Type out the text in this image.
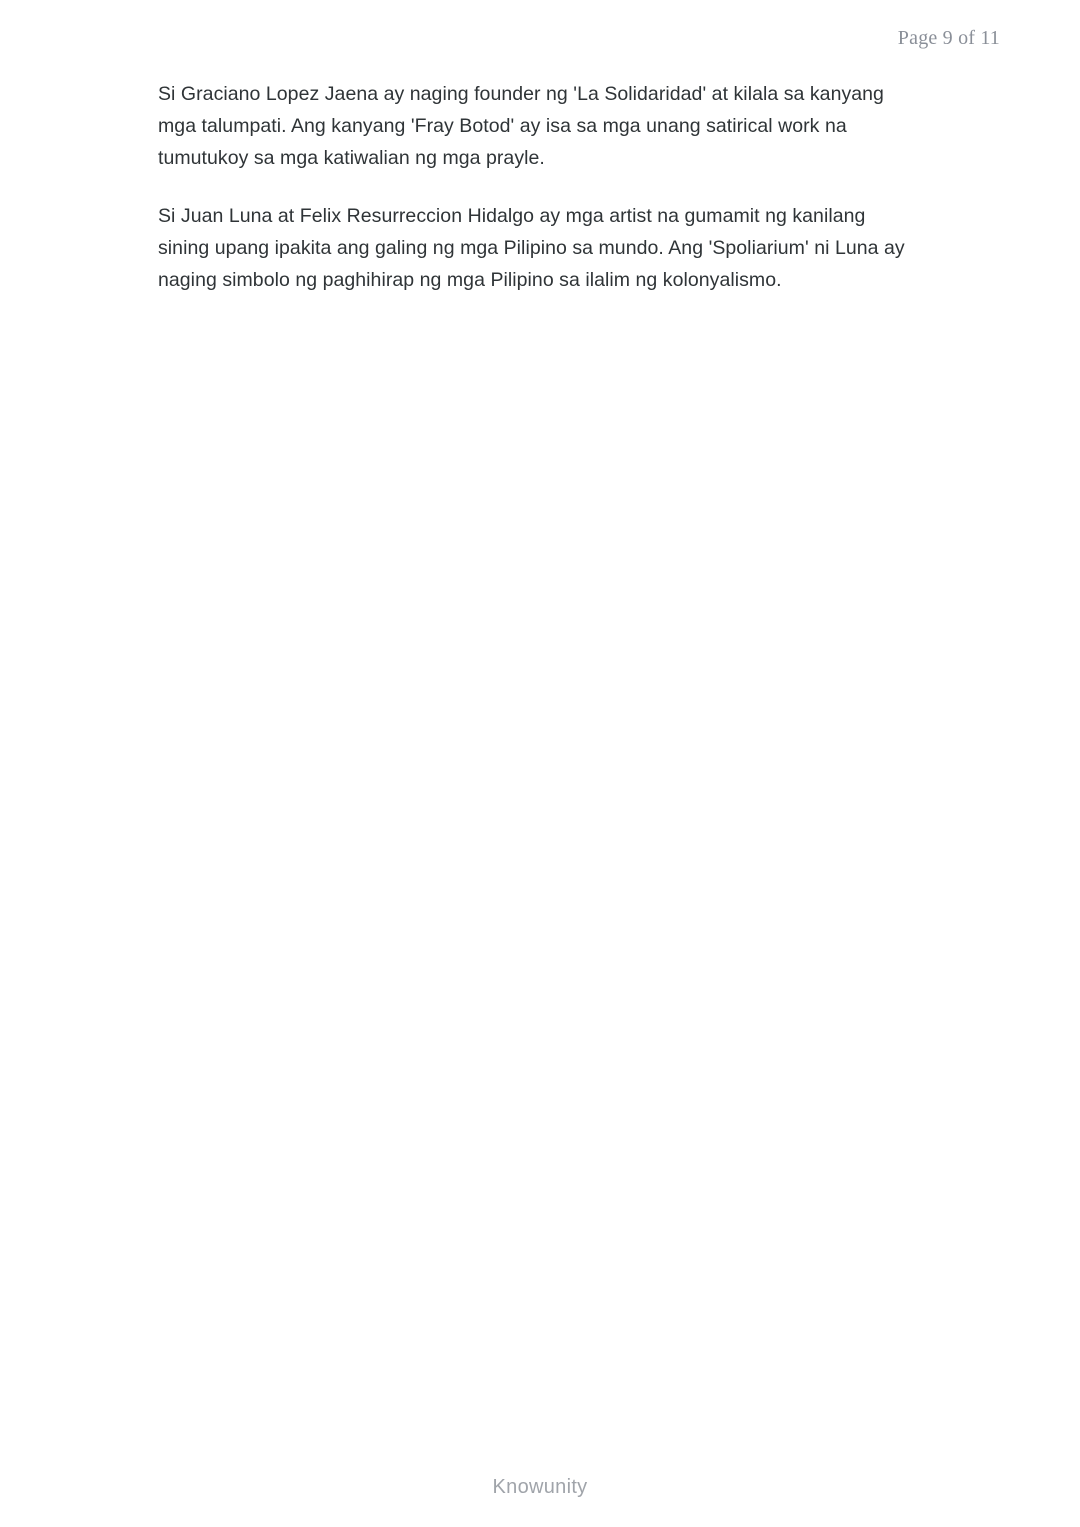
Page 9 of 11

Si Graciano Lopez Jaena ay naging founder ng 'La Solidaridad' at kilala sa kanyang mga talumpati. Ang kanyang 'Fray Botod' ay isa sa mga unang satirical work na tumutukoy sa mga katiwalian ng mga prayle.

Si Juan Luna at Felix Resurreccion Hidalgo ay mga artist na gumamit ng kanilang sining upang ipakita ang galing ng mga Pilipino sa mundo. Ang 'Spoliarium' ni Luna ay naging simbolo ng paghihirap ng mga Pilipino sa ilalim ng kolonyalismo.

Knowunity
